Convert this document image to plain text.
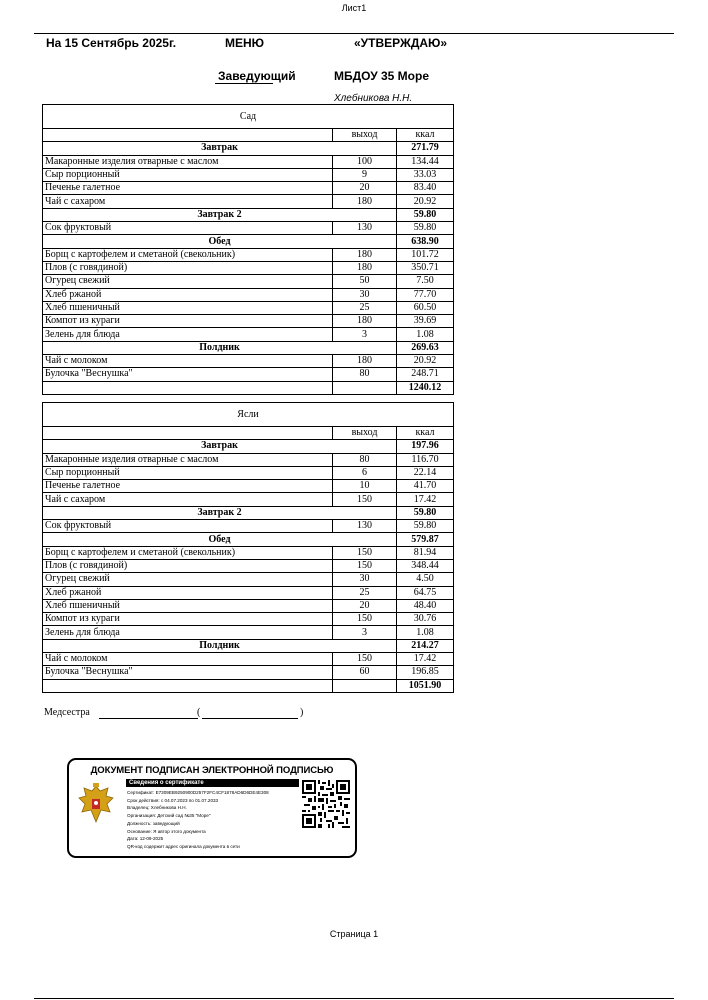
Лист1
На 15 Сентябрь 2025г.	МЕНЮ	«УТВЕРЖДАЮ»
Заведующий	МБДОУ 35 Море
Хлебникова Н.Н.
Сад		
	выход	ккал
Завтрак		271.79
Макаронные изделия отварные с маслом	100	134.44
Сыр порционный	9	33.03
Печенье галетное	20	83.40
Чай с сахаром	180	20.92
Завтрак 2		59.80
Сок фруктовый	130	59.80
Обед		638.90
Борщ с картофелем и сметаной (свекольник)	180	101.72
Плов (с говядиной)	180	350.71
Огурец свежий	50	7.50
Хлеб ржаной	30	77.70
Хлеб пшеничный	25	60.50
Компот из кураги	180	39.69
Зелень для блюда	3	1.08
Полдник		269.63
Чай с молоком	180	20.92
Булочка "Веснушка"	80	248.71
		1240.12
Ясли		
	выход	ккал
Завтрак		197.96
Макаронные изделия отварные с маслом	80	116.70
Сыр порционный	6	22.14
Печенье галетное	10	41.70
Чай с сахаром	150	17.42
Завтрак 2		59.80
Сок фруктовый	130	59.80
Обед		579.87
Борщ с картофелем и сметаной (свекольник)	150	81.94
Плов (с говядиной)	150	348.44
Огурец свежий	30	4.50
Хлеб ржаной	25	64.75
Хлеб пшеничный	20	48.40
Компот из кураги	150	30.76
Зелень для блюда	3	1.08
Полдник		214.27
Чай с молоком	150	17.42
Булочка "Веснушка"	60	196.85
		1051.90
Медсестра	(	)
ДОКУМЕНТ ПОДПИСАН ЭЛЕКТРОННОЙ ПОДПИСЬЮ
Сведения о сертификате
Сертификат: E7309EB9250900D257F2FC4CF1878AD6D6DE4E308
Срок действия: с 04.07.2023 по 01.07.2033
Владелец: Хлебникова Н.Н.
Организация: Детский сад №35 "Море"
Должность: заведующий
Основание: Я автор этого документа
Дата: 12-09-2025
QR-код содержит адрес оригинала документа в сети
Страница 1
